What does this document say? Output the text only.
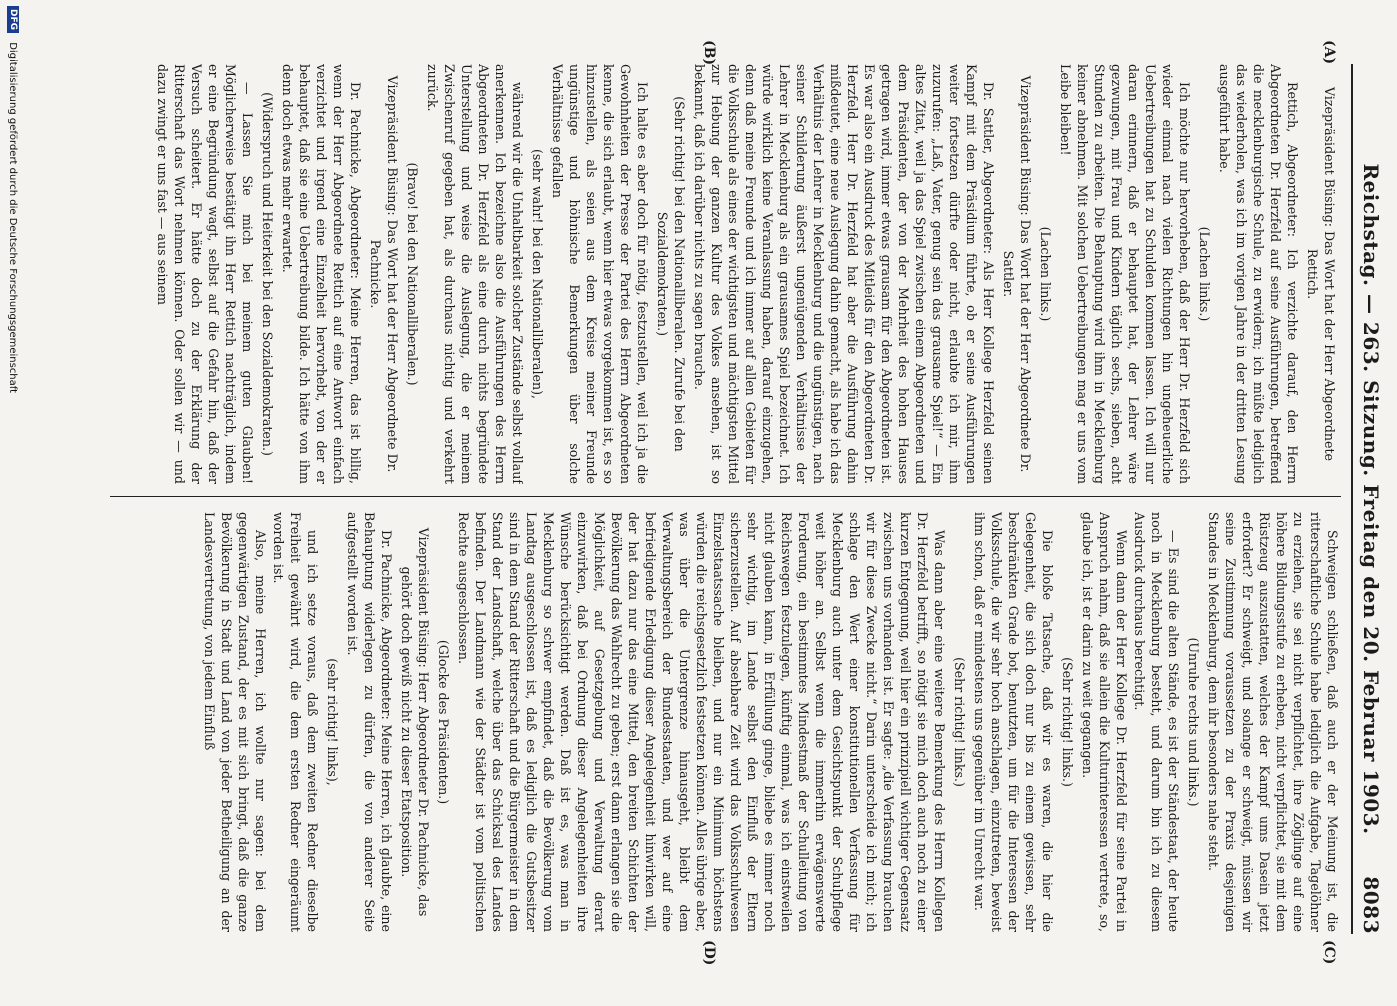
Reichstag. — 263. Sitzung. Freitag den 20. Februar 1903.
8083
(A)
(B)
(C)
(D)

Vizepräsident Büsing: Das Wort hat der Herr Abgeordnete Rettich.

Rettich, Abgeordneter: Ich verzichte darauf, den Herrn Abgeordneten Dr. Herzfeld auf seine Ausführungen, betreffend die mecklenburgische Schule, zu erwidern; ich müßte lediglich das wiederholen, was ich im vorigen Jahre in der dritten Lesung ausgeführt habe.

(Lachen links.)

Ich möchte nur hervorheben, daß der Herr Dr. Herzfeld sich wieder einmal nach vielen Richtungen hin ungeheuerliche Uebertreibungen hat zu Schulden kommen lassen. Ich will nur daran erinnern, daß er behauptet hat, der Lehrer wäre gezwungen, mit Frau und Kindern täglich sechs, sieben, acht Stunden zu arbeiten. Die Behauptung wird ihm in Mecklenburg keiner abnehmen. Mit solchen Uebertreibungen mag er uns vom Leibe bleiben!

(Lachen links.)

Vizepräsident Büsing: Das Wort hat der Herr Abgeordnete Dr. Sattler.

Dr. Sattler, Abgeordneter: Als Herr Kollege Herzfeld seinen Kampf mit dem Präsidium führte, ob er seine Ausführungen weiter fortsetzen dürfte oder nicht, erlaubte ich mir, ihm zuzurufen: „Laß, Vater, genug sein das grausame Spiel!“ — Ein altes Zitat, weil ja das Spiel zwischen einem Abgeordneten und dem Präsidenten, der von der Mehrheit des hohen Hauses getragen wird, immer etwas grausam für den Abgeordneten ist. Es war also ein Ausdruck des Mitleids für den Abgeordneten Dr. Herzfeld. Herr Dr. Herzfeld hat aber die Ausführung dahin mißdeutet, eine neue Auslegung dahin gemacht, als habe ich das Verhältnis der Lehrer in Mecklenburg und die ungünstigen, nach seiner Schilderung äußerst ungenügenden Verhältnisse der Lehrer in Mecklenburg als ein grausames Spiel bezeichnet. Ich würde wirklich keine Veranlassung haben, darauf einzugehen, denn daß meine Freunde und ich immer auf allen Gebieten für die Volksschule als eines der wichtigsten und mächtigsten Mittel zur Hebung der ganzen Kultur des Volkes ansehen, ist so bekannt, daß ich darüber nichts zu sagen brauche.

(Sehr richtig! bei den Nationalliberalen. Zurufe bei den Sozialdemokraten.)

Ich halte es aber doch für nötig, festzustellen, weil ich ja die Gewohnheiten der Presse der Partei des Herrn Abgeordneten kenne, die sich erlaubt, wenn hier etwas vorgekommen ist, es so hinzustellen, als seien aus dem Kreise meiner Freunde ungünstige und höhnische Bemerkungen über solche Verhältnisse gefallen

(sehr wahr! bei den Nationalliberalen),

während wir die Unhaltbarkeit solcher Zustände selbst vollauf anerkennen. Ich bezeichne also die Ausführungen des Herrn Abgeordneten Dr. Herzfeld als eine durch nichts begründete Unterstellung und weise die Auslegung, die er meinem Zwischenruf gegeben hat, als durchaus nichtig und verkehrt zurück.

(Bravo! bei den Nationalliberalen.)

Vizepräsident Büsing: Das Wort hat der Herr Abgeordnete Dr. Pachnicke.

Dr. Pachnicke, Abgeordneter: Meine Herren, das ist billig, wenn der Herr Abgeordnete Rettich auf eine Antwort einfach verzichtet und irgend eine Einzelheit hervorhebt, von der er behauptet, daß sie eine Uebertreibung bilde. Ich hätte von ihm denn doch etwas mehr erwartet.

(Widerspruch und Heiterkeit bei den Sozialdemokraten.)

— Lassen Sie mich bei meinem guten Glauben! Möglicherweise bestätigt ihn Herr Rettich nachträglich, indem er eine Begründung wagt, selbst auf die Gefahr hin, daß der Versuch scheitert. Er hätte doch zu der Erklärung der Ritterschaft das Wort nehmen können. Oder sollen wir — und dazu zwingt er uns fast — aus seinem

Schweigen schließen, daß auch er der Meinung ist, die ritterschaftliche Schule habe lediglich die Aufgabe, Tagelöhner zu erziehen, sie sei nicht verpflichtet, ihre Zöglinge auf eine höhere Bildungsstufe zu erheben, nicht verpflichtet, sie mit dem Rüstzeug auszustatten, welches der Kampf ums Dasein jetzt erfordert? Er schweigt, und solange er schweigt, müssen wir seine Zustimmung voraussetzen zu der Praxis desjenigen Standes in Mecklenburg, dem ihr besonders nahe steht.

(Unruhe rechts und links.)

— Es sind die alten Stände, es ist der Ständestaat, der heute noch in Mecklenburg besteht, und darum bin ich zu diesem Ausdruck durchaus berechtigt.

Wenn dann der Herr Kollege Dr. Herzfeld für seine Partei in Anspruch nahm, daß sie allein die Kulturinteressen vertrete, so, glaube ich, ist er darin zu weit gegangen.

(Sehr richtig! links.)

Die bloße Tatsache, daß wir es waren, die hier die Gelegenheit, die sich doch nur bis zu einem gewissen, sehr beschränkten Grade bot, benutzten, um für die Interessen der Volksschule, die wir sehr hoch anschlagen, einzutreten, beweist ihm schon, daß er mindestens uns gegenüber im Unrecht war.

(Sehr richtig! links.)

Was dann aber eine weitere Bemerkung des Herrn Kollegen Dr. Herzfeld betrifft, so nötigt sie mich doch auch noch zu einer kurzen Entgegnung, weil hier ein prinzipiell wichtiger Gegensatz zwischen uns vorhanden ist. Er sagte: „die Verfassung brauchen wir für diese Zwecke nicht.“ Darin unterscheide ich mich; ich schlage den Wert einer konstitutionellen Verfassung für Mecklenburg auch unter dem Gesichtspunkt der Schulpflege weit höher an. Selbst wenn die immerhin erwägenswerte Forderung, ein bestimmtes Mindestmaß der Schulleitung von Reichswegen festzulegen, künftig einmal, was ich einstweilen nicht glauben kann, in Erfüllung ginge, bliebe es immer noch sehr wichtig, im Lande selbst den Einfluß der Eltern sicherzustellen. Auf absehbare Zeit wird das Volksschulwesen Einzelstaatssache bleiben, und nur ein Minimum höchstens würden die reichsgesetzlich festsetzen können. Alles übrige aber, was über die Untergrenze hinausgeht, bleibt dem Verwaltungsbereich der Bundesstaaten, und wer auf eine befriedigende Erledigung dieser Angelegenheit hinwirken will, der hat dazu nur das eine Mittel, den breiten Schichten der Bevölkerung das Wahlrecht zu geben; erst dann erlangen sie die Möglichkeit, auf Gesetzgebung und Verwaltung derart einzuwirken, daß bei Ordnung dieser Angelegenheiten ihre Wünsche berücksichtigt werden. Daß ist es, was man in Mecklenburg so schwer empfindet, daß die Bevölkerung vom Landtag ausgeschlossen ist, daß es lediglich die Gutsbesitzer sind in dem Stand der Ritterschaft und die Bürgermeister in dem Stand der Landschaft, welche über das Schicksal des Landes befinden. Der Landmann wie der Städter ist vom politischen Rechte ausgeschlossen.

(Glocke des Präsidenten.)

Vizepräsident Büsing: Herr Abgeordneter Dr. Pachnicke, das gehört doch gewiß nicht zu dieser Etatsposition.

Dr. Pachnicke, Abgeordneter: Meine Herren, ich glaubte, eine Behauptung widerlegen zu dürfen, die von anderer Seite aufgestellt worden ist.

(sehr richtig! links),

und ich setze voraus, daß dem zweiten Redner dieselbe Freiheit gewährt wird, die dem ersten Redner eingeräumt worden ist.

Also, meine Herren, ich wollte nur sagen: bei dem gegenwärtigen Zustand, der es mit sich bringt, daß die ganze Bevölkerung in Stadt und Land von jeder Betheiligung an der Landesvertretung, von jedem Einfluß

DFG Digitalisierung gefördert durch die Deutsche Forschungsgemeinschaft
